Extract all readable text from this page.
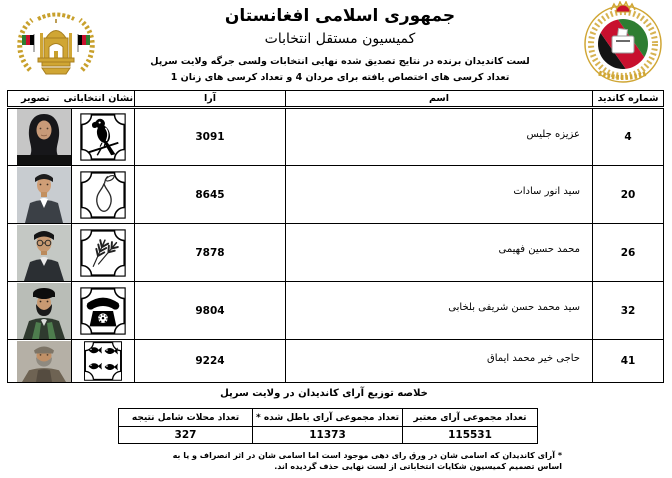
جمهوری اسلامی افغانستان
کمیسیون مستقل انتخابات
لست کاندیدان برنده در نتایج تصدیق شده نهایی انتخابات ولسی جرگه ولایت سرپل
تعداد کرسی های اختصاص یافته برای مردان 4 و تعداد کرسی های زنان 1
شماره کاندید	اسم	آرا	نشان انتخاباتی
تصویر	

4	عزیزه جلیس	3091		

20	سید انور سادات	8645		

26	محمد حسین فهیمی	7878		

32	سید محمد حسن شریفی بلخابی	9804		

41	حاجی خیر محمد ایماق	9224		
خلاصه توزیع آرای کاندیدان در ولایت سرپل
تعداد مجموعی آرای معتبر	تعداد مجموعی آرای باطل شده *	تعداد محلات شامل نتیجه
115531	11373	327
* آرای کاندیدان که اسامی شان در ورق رای دهی موجود است اما اسامی شان در اثر انصراف و یا به اساس تصمیم کمیسیون شکایات انتخاباتی از لست نهایی حذف گردیده اند.
